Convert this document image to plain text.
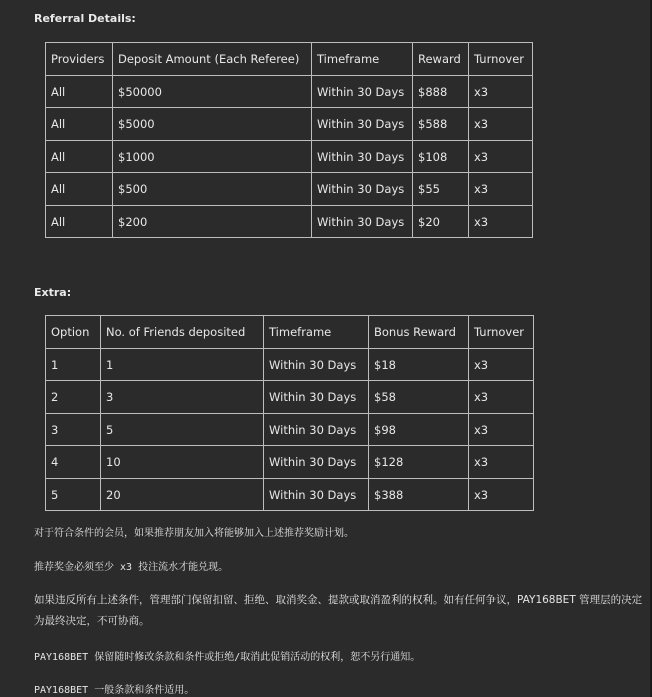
Referral Details:
Providers	Deposit Amount (Each Referee)	Timeframe	Reward	Turnover
All	$50000	Within 30 Days	$888	x3
All	$5000	Within 30 Days	$588	x3
All	$1000	Within 30 Days	$108	x3
All	$500	Within 30 Days	$55	x3
All	$200	Within 30 Days	$20	x3
Extra:
Option	No. of Friends deposited	Timeframe	Bonus Reward	Turnover
1	1	Within 30 Days	$18	x3
2	3	Within 30 Days	$58	x3
3	5	Within 30 Days	$98	x3
4	10	Within 30 Days	$128	x3
5	20	Within 30 Days	$388	x3
对于符合条件的会员，如果推荐朋友加入将能够加入上述推荐奖励计划。
推荐奖金必须至少 x3 投注流水才能兑现。
如果违反所有上述条件，管理部门保留扣留、拒绝、取消奖金、提款或取消盈利的权利。如有任何争议，PAY168BET 管理层的决定为最终决定，不可协商。
PAY168BET 保留随时修改条款和条件或拒绝/取消此促销活动的权利，恕不另行通知。
PAY168BET 一般条款和条件适用。
